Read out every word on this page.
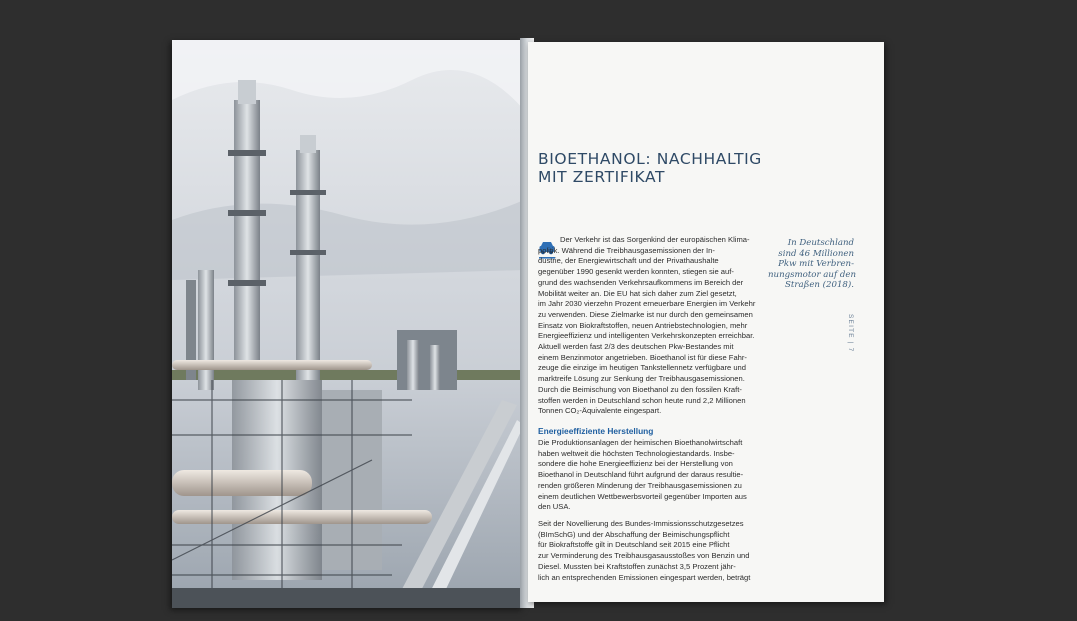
BIOETHANOL: NACHHALTIG
MIT ZERTIFIKAT
Der Verkehr ist das Sorgenkind der europäischen Klima-
politik. Während die Treibhausgasemissionen der In-
dustrie, der Energiewirtschaft und der Privathaushalte
gegenüber 1990 gesenkt werden konnten, stiegen sie auf-
grund des wachsenden Verkehrsaufkommens im Bereich der
Mobilität weiter an. Die EU hat sich daher zum Ziel gesetzt,
im Jahr 2030 vierzehn Prozent erneuerbare Energien im Verkehr
zu verwenden. Diese Zielmarke ist nur durch den gemeinsamen
Einsatz von Biokraftstoffen, neuen Antriebstechnologien, mehr
Energieeffizienz und intelligenten Verkehrskonzepten erreichbar.
Aktuell werden fast 2/3 des deutschen Pkw-Bestandes mit
einem Benzinmotor angetrieben. Bioethanol ist für diese Fahr-
zeuge die einzige im heutigen Tankstellennetz verfügbare und
marktreife Lösung zur Senkung der Treibhausgasemissionen.
Durch die Beimischung von Bioethanol zu den fossilen Kraft-
stoffen werden in Deutschland schon heute rund 2,2 Millionen
Tonnen CO₂-Äquivalente eingespart.
Energieeffiziente Herstellung
Die Produktionsanlagen der heimischen Bioethanolwirtschaft
haben weltweit die höchsten Technologiestandards. Insbe-
sondere die hohe Energieeffizienz bei der Herstellung von
Bioethanol in Deutschland führt aufgrund der daraus resultie-
renden größeren Minderung der Treibhausgasemissionen zu
einem deutlichen Wettbewerbsvorteil gegenüber Importen aus
den USA.
Seit der Novellierung des Bundes-Immissionsschutzgesetzes
(BImSchG) und der Abschaffung der Beimischungspflicht
für Biokraftstoffe gilt in Deutschland seit 2015 eine Pflicht
zur Verminderung des Treibhausgasausstoßes von Benzin und
Diesel. Mussten bei Kraftstoffen zunächst 3,5 Prozent jähr-
lich an entsprechenden Emissionen eingespart werden, beträgt
In Deutschland
sind 46 Millionen
Pkw mit Verbren-
nungsmotor auf den
Straßen (2018).
SEITE | 7
